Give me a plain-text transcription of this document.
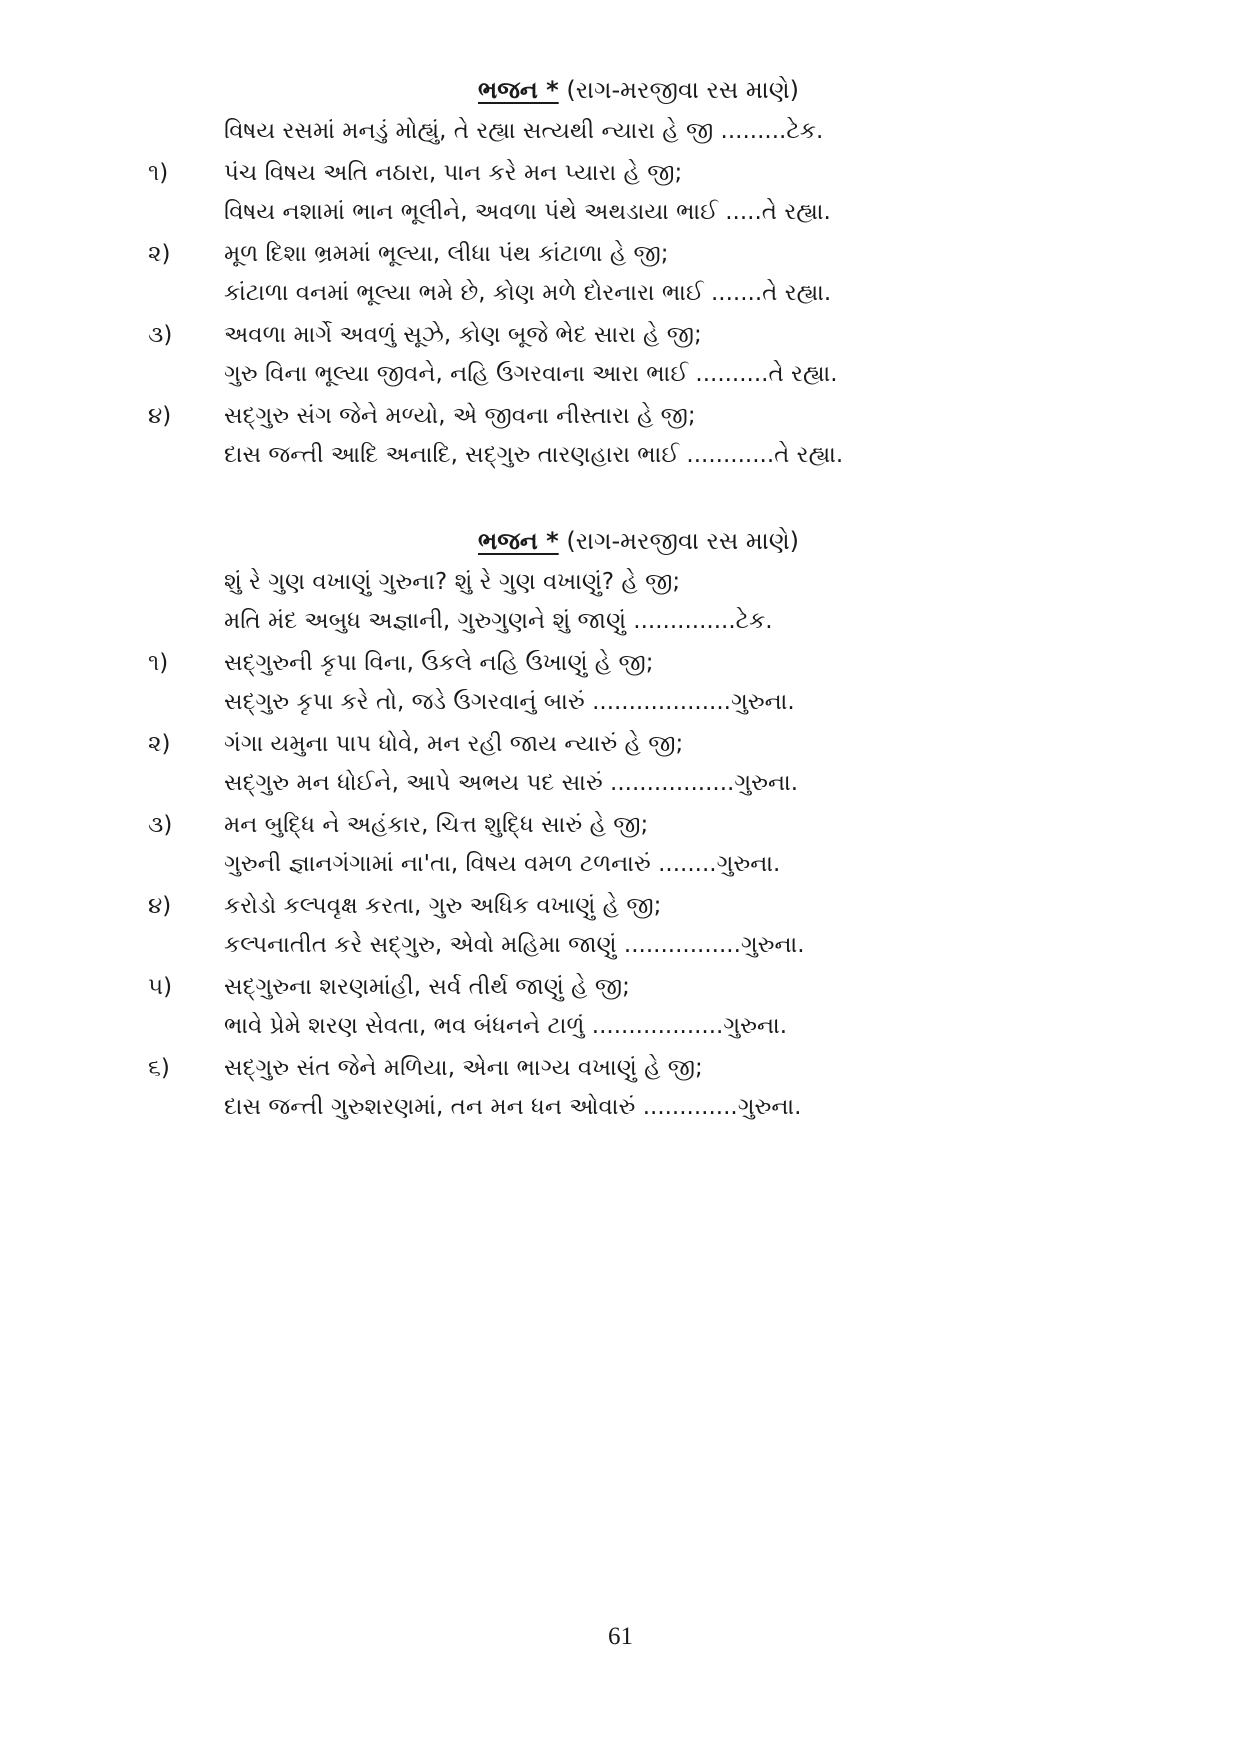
ભજન * (રાગ-મરજીવા રસ માણે)
વિષય રસમાં મનડું મોહ્યું, તે રહ્યા સત્યથી ન્યારા હે જી .........ટેક.
૧) પંચ વિષય અતિ નઠારા, પાન કરે મન પ્યારા હે જી;
વિષય નશામાં ભાન ભૂલીને, અવળા પંથે અથડાયા ભાઈ .....તે રહ્યા.
૨) મૂળ દિશા ભ્રમમાં ભૂલ્યા, લીધા પંથ કાંટાળા હે જી;
કાંટાળા વનમાં ભૂલ્યા ભમે છે, કોણ મળે દોરનારા ભાઈ .......તે રહ્યા.
૩) અવળા માર્ગે અવળું સૂઝે, કોણ બૂજે ભેદ સારા હે જી;
ગુરુ વિના ભૂલ્યા જીવને, નહિ ઉગરવાના આરા ભાઈ ..........તે રહ્યા.
૪) સદ્ગુરુ સંગ જેને મળ્યો, એ જીવના નીસ્તારા હે જી;
દાસ જન્તી આદિ અનાદિ, સદ્ગુરુ તારણહારા ભાઈ ............તે રહ્યા.
ભજન * (રાગ-મરજીવા રસ માણે)
શું રે ગુણ વખાણું ગુરુના? શું રે ગુણ વખાણું? હે જી;
મતિ મંદ અબુધ અજ્ઞાની, ગુરુગુણને શું જાણું ..............ટેક.
૧) સદ્ગુરુની કૃપા વિના, ઉકલે નહિ ઉખાણું હે જી;
સદ્ગુરુ કૃપા કરે તો, જડે ઉગરવાનું બારું ...................ગુરુના.
૨) ગંગા યમુના પાપ ધોવે, મન રહી જાય ન્યારું હે જી;
સદ્ગુરુ મન ધોઈને, આપે અભય પદ સારું .................ગુરુના.
૩) મન બુદ્ધિ ને અહંકાર, ચિત્ત શુદ્ધિ સારું હે જી;
ગુરુની જ્ઞાનગંગામાં ના'તા, વિષય વમળ ટળનારું ........ગુરુના.
૪) કરોડો કલ્પવૃક્ષ કરતા, ગુરુ અધિક વખાણું હે જી;
કલ્પનાતીત કરે સદ્ગુરુ, એવો મહિમા જાણું ................ગુરુના.
૫) સદ્ગુરુના શરણમાંહી, સર્વ તીર્થ જાણું હે જી;
ભાવે પ્રેમે શરણ સેવતા, ભવ બંધનને ટાળું ..................ગુરુના.
૬) સદ્ગુરુ સંત જેને મળિયા, એના ભાગ્ય વખાણું હે જી;
દાસ જન્તી ગુરુશરણમાં, તન મન ધન ઓવારું .............ગુરુના.
61
